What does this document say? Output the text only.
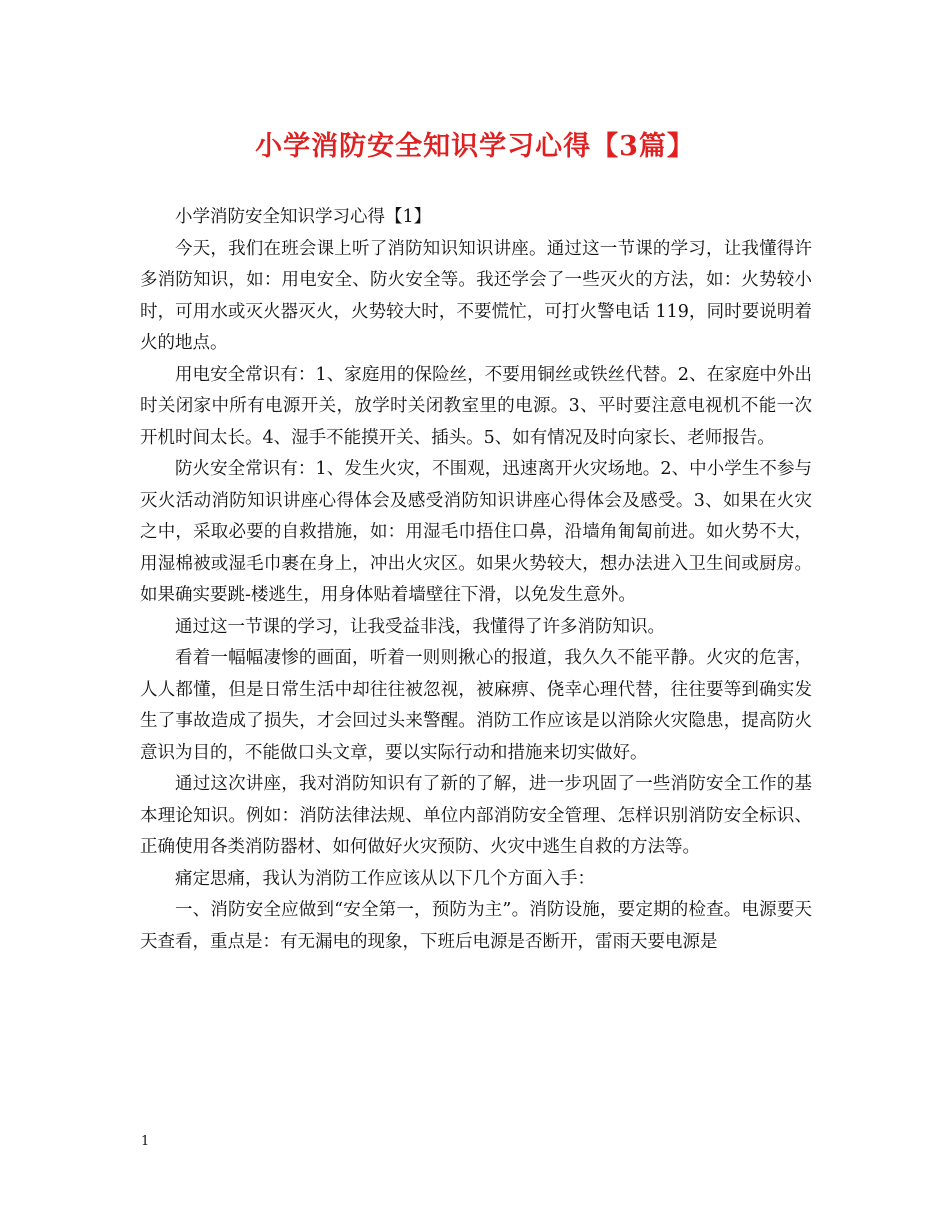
小学消防安全知识学习心得【3篇】

小学消防安全知识学习心得【1】

今天，我们在班会课上听了消防知识知识讲座。通过这一节课的学习，让我懂得许多消防知识，如：用电安全、防火安全等。我还学会了一些灭火的方法，如：火势较小时，可用水或灭火器灭火，火势较大时，不要慌忙，可打火警电话 119，同时要说明着火的地点。

用电安全常识有：1、家庭用的保险丝，不要用铜丝或铁丝代替。2、在家庭中外出时关闭家中所有电源开关，放学时关闭教室里的电源。3、平时要注意电视机不能一次开机时间太长。4、湿手不能摸开关、插头。5、如有情况及时向家长、老师报告。

防火安全常识有：1、发生火灾，不围观，迅速离开火灾场地。2、中小学生不参与灭火活动消防知识讲座心得体会及感受消防知识讲座心得体会及感受。3、如果在火灾之中，采取必要的自救措施，如：用湿毛巾捂住口鼻，沿墙角匍匐前进。如火势不大，用湿棉被或湿毛巾裹在身上，冲出火灾区。如果火势较大，想办法进入卫生间或厨房。如果确实要跳-楼逃生，用身体贴着墙壁往下滑，以免发生意外。

通过这一节课的学习，让我受益非浅，我懂得了许多消防知识。

看着一幅幅凄惨的画面，听着一则则揪心的报道，我久久不能平静。火灾的危害，人人都懂，但是日常生活中却往往被忽视，被麻痹、侥幸心理代替，往往要等到确实发生了事故造成了损失，才会回过头来警醒。消防工作应该是以消除火灾隐患，提高防火意识为目的，不能做口头文章，要以实际行动和措施来切实做好。

通过这次讲座，我对消防知识有了新的了解，进一步巩固了一些消防安全工作的基本理论知识。例如：消防法律法规、单位内部消防安全管理、怎样识别消防安全标识、正确使用各类消防器材、如何做好火灾预防、火灾中逃生自救的方法等。

痛定思痛，我认为消防工作应该从以下几个方面入手：

一、消防安全应做到“安全第一，预防为主”。消防设施，要定期的检查。电源要天天查看，重点是：有无漏电的现象，下班后电源是否断开，雷雨天要电源是

1
